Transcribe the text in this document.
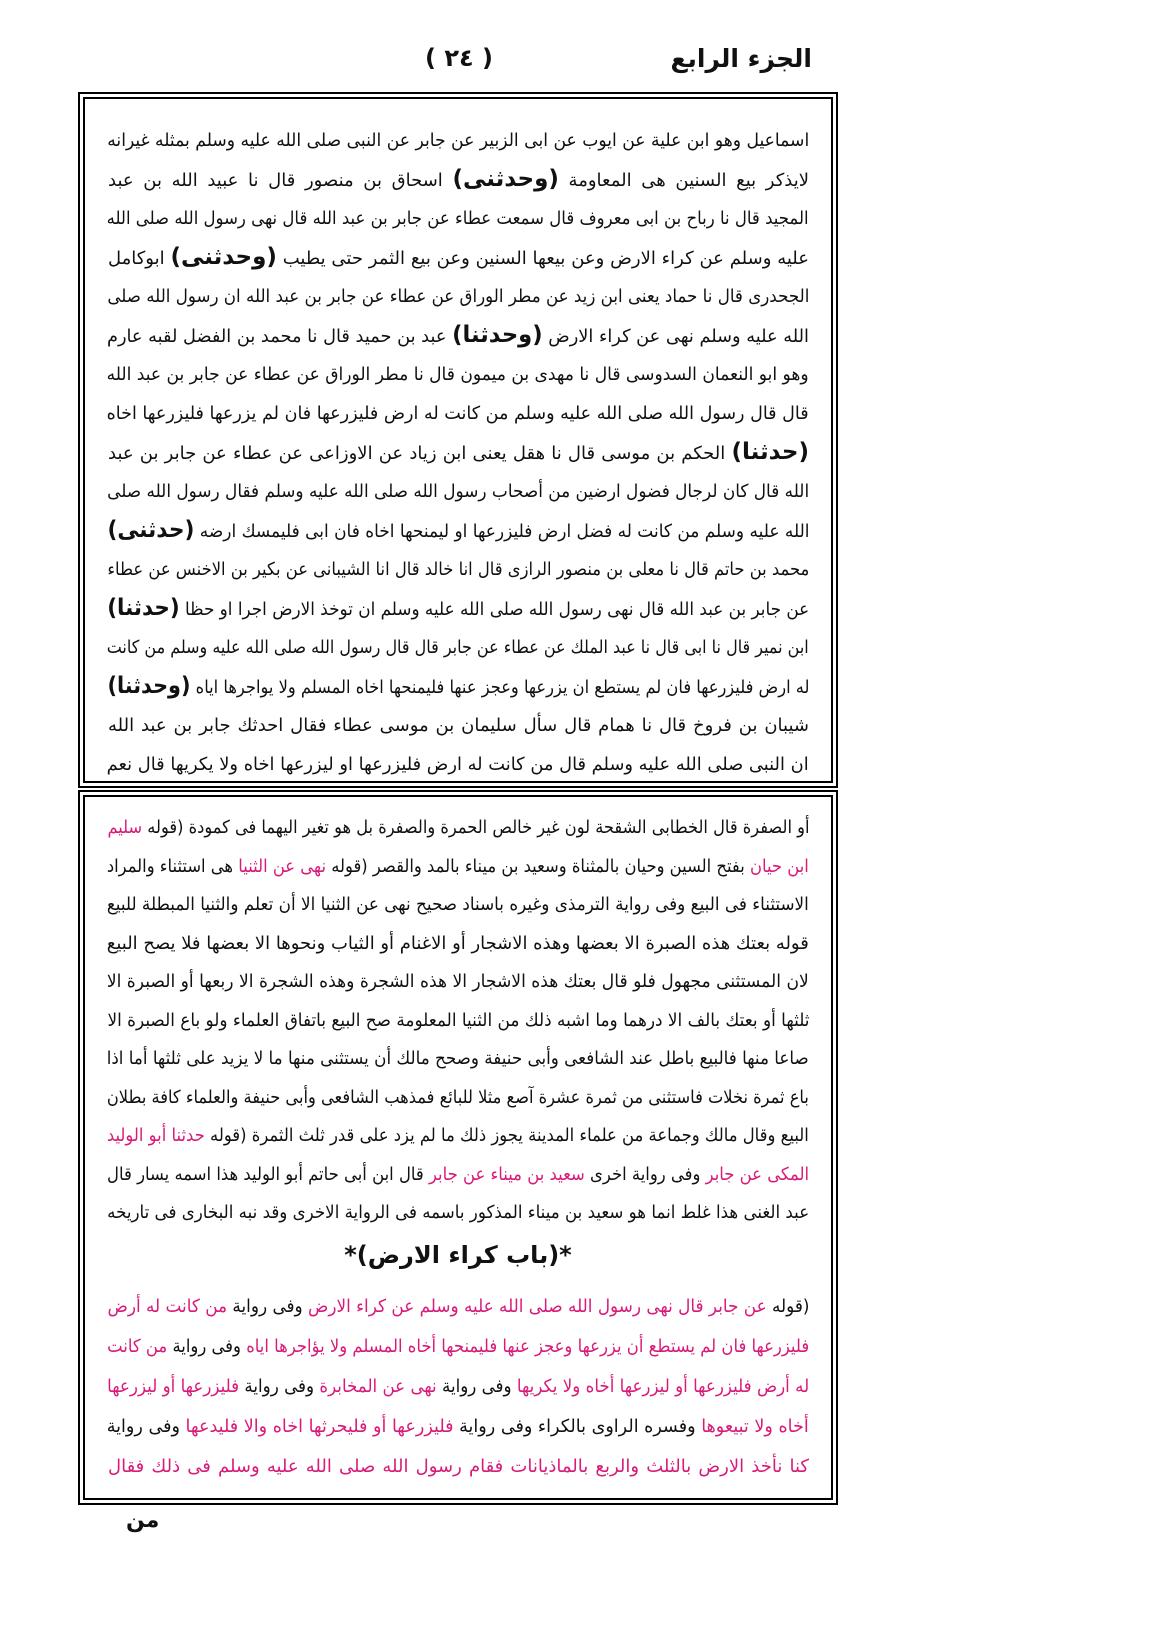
الجزء الرابع
( ٢٤ )
اسماعيل وهو ابن علية عن ايوب عن ابى الزبير عن جابر عن النبى صلى الله عليه وسلم بمثله غيرانه
لايذكر بيع السنين هى المعاومة (وحدثنى) اسحاق بن منصور قال نا عبيد الله بن عبد
المجيد قال نا رباح بن ابى معروف قال سمعت عطاء عن جابر بن عبد الله قال نهى رسول الله صلى الله
عليه وسلم عن كراء الارض وعن بيعها السنين وعن بيع الثمر حتى يطيب (وحدثنى) ابوكامل
الجحدرى قال نا حماد يعنى ابن زيد عن مطر الوراق عن عطاء عن جابر بن عبد الله ان رسول الله صلى
الله عليه وسلم نهى عن كراء الارض (وحدثنا) عبد بن حميد قال نا محمد بن الفضل لقبه عارم
وهو ابو النعمان السدوسى قال نا مهدى بن ميمون قال نا مطر الوراق عن عطاء عن جابر بن عبد الله
قال قال رسول الله صلى الله عليه وسلم من كانت له ارض فليزرعها فان لم يزرعها فليزرعها اخاه
(حدثنا) الحكم بن موسى قال نا هقل يعنى ابن زياد عن الاوزاعى عن عطاء عن جابر بن عبد
الله قال كان لرجال فضول ارضين من أصحاب رسول الله صلى الله عليه وسلم فقال رسول الله صلى
الله عليه وسلم من كانت له فضل ارض فليزرعها او ليمنحها اخاه فان ابى فليمسك ارضه (حدثنى)
محمد بن حاتم قال نا معلى بن منصور الرازى قال انا خالد قال انا الشيبانى عن بكير بن الاخنس عن عطاء
عن جابر بن عبد الله قال نهى رسول الله صلى الله عليه وسلم ان توخذ الارض اجرا او حظا (حدثنا)
ابن نمير قال نا ابى قال نا عبد الملك عن عطاء عن جابر قال قال رسول الله صلى الله عليه وسلم من كانت
له ارض فليزرعها فان لم يستطع ان يزرعها وعجز عنها فليمنحها اخاه المسلم ولا يواجرها اياه (وحدثنا)
شيبان بن فروخ قال نا همام قال سأل سليمان بن موسى عطاء فقال احدثك جابر بن عبد الله
ان النبى صلى الله عليه وسلم قال من كانت له ارض فليزرعها او ليزرعها اخاه ولا يكريها قال نعم
أو الصفرة قال الخطابى الشقحة لون غير خالص الحمرة والصفرة بل هو تغير اليهما فى كمودة (قوله سليم
ابن حيان بفتح السين وحيان بالمثناة وسعيد بن ميناء بالمد والقصر (قوله نهى عن الثنيا هى استثناء والمراد
الاستثناء فى البيع وفى رواية الترمذى وغيره باسناد صحيح نهى عن الثنيا الا أن تعلم والثنيا المبطلة للبيع
قوله بعتك هذه الصبرة الا بعضها وهذه الاشجار أو الاغنام أو الثياب ونحوها الا بعضها فلا يصح البيع
لان المستثنى مجهول فلو قال بعتك هذه الاشجار الا هذه الشجرة وهذه الشجرة الا ربعها أو الصبرة الا
ثلثها أو بعتك بالف الا درهما وما اشبه ذلك من الثنيا المعلومة صح البيع باتفاق العلماء ولو باع الصبرة الا
صاعا منها فالبيع باطل عند الشافعى وأبى حنيفة وصحح مالك أن يستثنى منها ما لا يزيد على ثلثها أما اذا
باع ثمرة نخلات فاستثنى من ثمرة عشرة آصع مثلا للبائع فمذهب الشافعى وأبى حنيفة والعلماء كافة بطلان
البيع وقال مالك وجماعة من علماء المدينة يجوز ذلك ما لم يزد على قدر ثلث الثمرة (قوله حدثنا أبو الوليد
المكى عن جابر وفى رواية اخرى سعيد بن ميناء عن جابر قال ابن أبى حاتم أبو الوليد هذا اسمه يسار قال
عبد الغنى هذا غلط انما هو سعيد بن ميناء المذكور باسمه فى الرواية الاخرى وقد نبه البخارى فى تاريخه
*(باب كراء الارض)*
(قوله عن جابر قال نهى رسول الله صلى الله عليه وسلم عن كراء الارض وفى رواية من كانت له أرض
فليزرعها فان لم يستطع أن يزرعها وعجز عنها فليمنحها أخاه المسلم ولا يؤاجرها اياه وفى رواية من كانت
له أرض فليزرعها أو ليزرعها أخاه ولا يكريها وفى رواية نهى عن المخابرة وفى رواية فليزرعها أو ليزرعها
أخاه ولا تبيعوها وفسره الراوى بالكراء وفى رواية فليزرعها أو فليحرثها اخاه والا فليدعها وفى رواية
كنا نأخذ الارض بالثلث والربع بالماذيانات فقام رسول الله صلى الله عليه وسلم فى ذلك فقال
من
